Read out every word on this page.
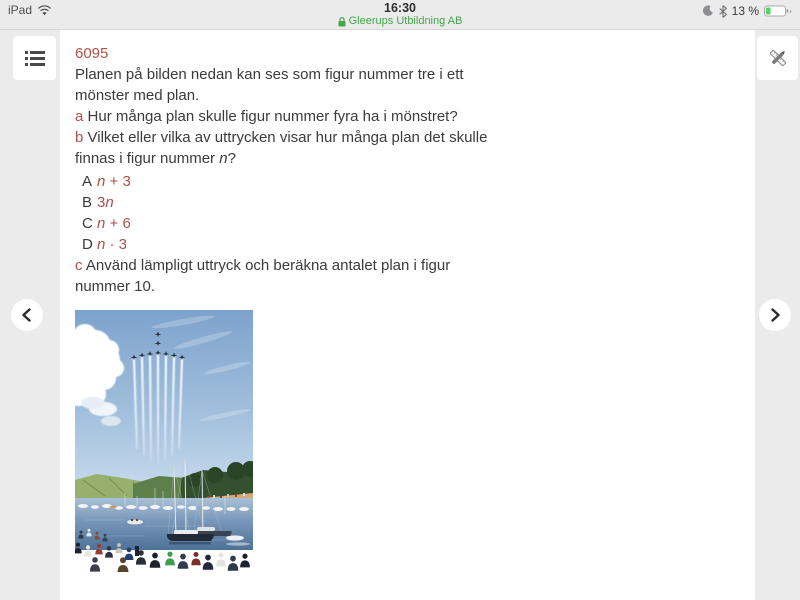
iPad	16:30
Gleerups Utbildning AB
13 %
6095
Planen på bilden nedan kan ses som figur nummer tre i ett
mönster med plan.
a Hur många plan skulle figur nummer fyra ha i mönstret?
b Vilket eller vilka av uttrycken visar hur många plan det skulle
finnas i figur nummer n?
A n + 3
B 3n
C n + 6
D n · 3
c Använd lämpligt uttryck och beräkna antalet plan i figur
nummer 10.
